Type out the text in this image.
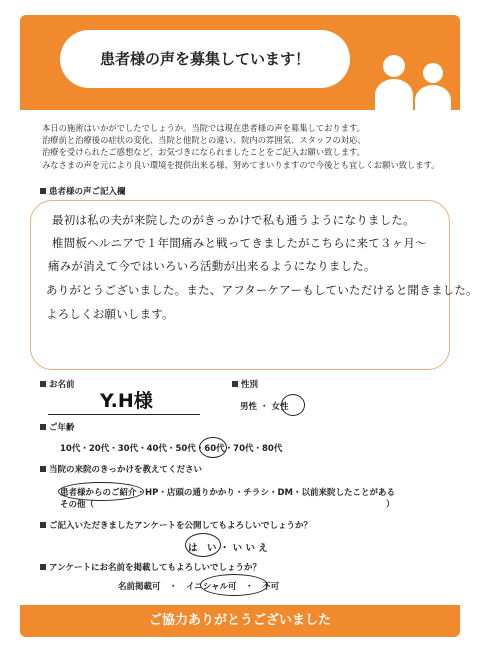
患者様の声を募集しています！
本日の施術はいかがでしたでしょうか。当院では現在患者様の声を募集しております。
治療前と治療後の症状の変化、当院と他院との違い、院内の雰囲気、スタッフの対応、
治療を受けられたご感想など、お気づきになられましたことをご記入お願い致します。
みなさまの声を元により良い環境を提供出来る様、努めてまいりますので今後とも宜しくお願い致します。
患者様の声ご記入欄
最初は私の夫が来院したのがきっかけで私も通うようになりました。
椎間板ヘルニアで１年間痛みと戦ってきましたがこちらに来て３ヶ月〜
痛みが消えて今ではいろいろ活動が出来るようになりました。
ありがとうございました。また、アフターケアーもしていただけると聞きました。
よろしくお願いします。
お名前
Y.H様
性別
男性 ・ 女性
ご年齢
10代・20代・30代・40代・50代・60代・70代・80代
当院の来院のきっかけを教えてください
患者様からのご紹介・HP・店頭の通りかかり・チラシ・DM・以前来院したことがある
その他（	）
ご記入いただきましたアンケートを公開してもよろしいでしょうか？
は　い ・ い い え
アンケートにお名前を掲載してもよろしいでしょうか？
名前掲載可　 ・　 イニシャル可　 ・　 不可
ご協力ありがとうございました
